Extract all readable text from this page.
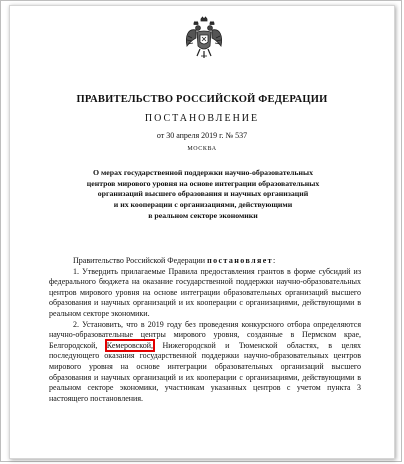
ПРАВИТЕЛЬСТВО РОССИЙСКОЙ ФЕДЕРАЦИИ
ПОСТАНОВЛЕНИЕ
от 30 апреля 2019 г. № 537
МОСКВА
О мерах государственной поддержки научно-образовательных
центров мирового уровня на основе интеграции образовательных
организаций высшего образования и научных организаций
и их кооперации с организациями, действующими
в реальном секторе экономики

Правительство Российской Федерации постановляет:

1. Утвердить прилагаемые Правила предоставления грантов в форме субсидий из федерального бюджета на оказание государственной поддержки научно-образовательных центров мирового уровня на основе интеграции образовательных организаций высшего образования и научных организаций и их кооперации с организациями, действующими в реальном секторе экономики.

2. Установить, что в 2019 году без проведения конкурсного отбора определяются научно-образовательные центры мирового уровня, созданные в Пермском крае, Белгородской, Кемеровской, Нижегородской и Тюменской областях, в целях последующего оказания государственной поддержки научно-образовательных центров мирового уровня на основе интеграции образовательных организаций высшего образования и научных организаций и их кооперации с организациями, действующими в реальном секторе экономики, участникам указанных центров с учетом пункта 3 настоящего постановления.
